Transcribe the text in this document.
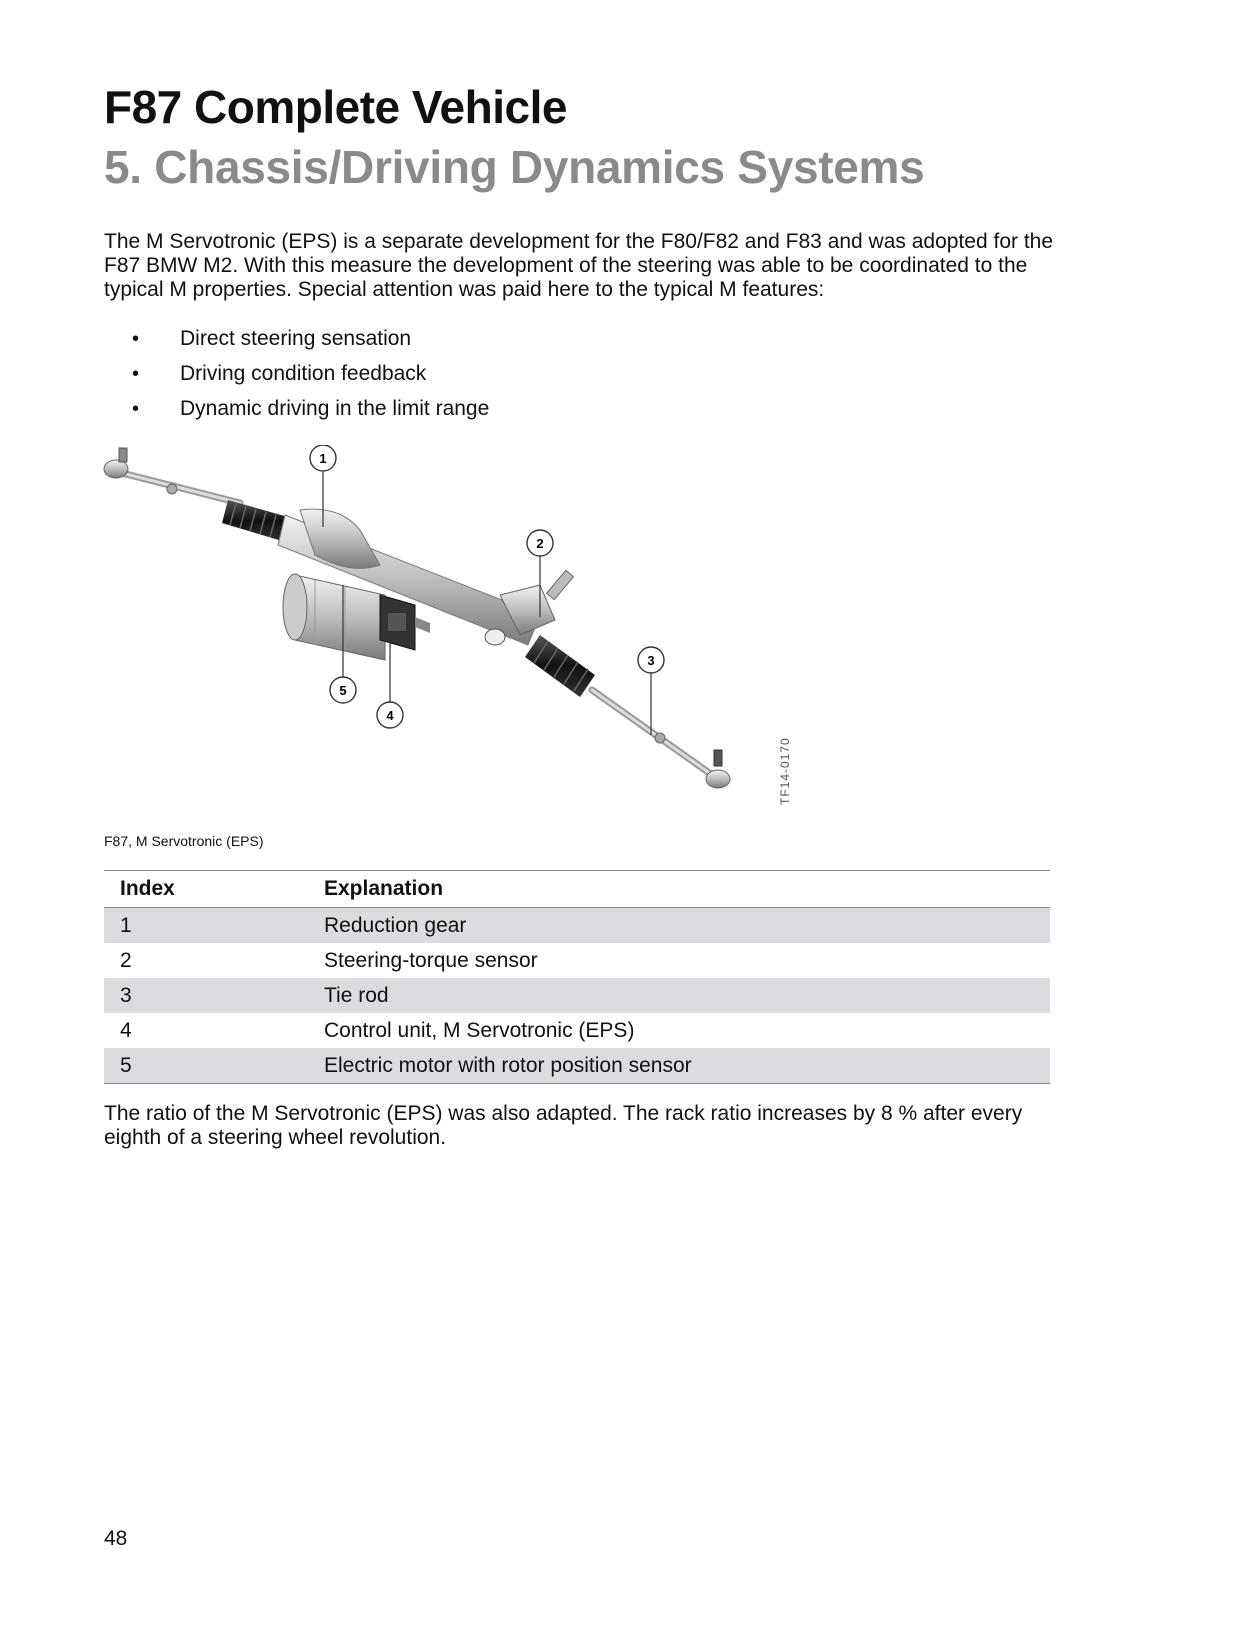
F87 Complete Vehicle
5. Chassis/Driving Dynamics Systems

The M Servotronic (EPS) is a separate development for the F80/F82 and F83 and was adopted for the F87 BMW M2. With this measure the development of the steering was able to be coordinated to the typical M properties. Special attention was paid here to the typical M features:

• Direct steering sensation
• Driving condition feedback
• Dynamic driving in the limit range
1
2
3
4
5
TF14-0170

F87, M Servotronic (EPS)

Index	Explanation
1	Reduction gear
2	Steering-torque sensor
3	Tie rod
4	Control unit, M Servotronic (EPS)
5	Electric motor with rotor position sensor

The ratio of the M Servotronic (EPS) was also adapted. The rack ratio increases by 8 % after every eighth of a steering wheel revolution.

48
